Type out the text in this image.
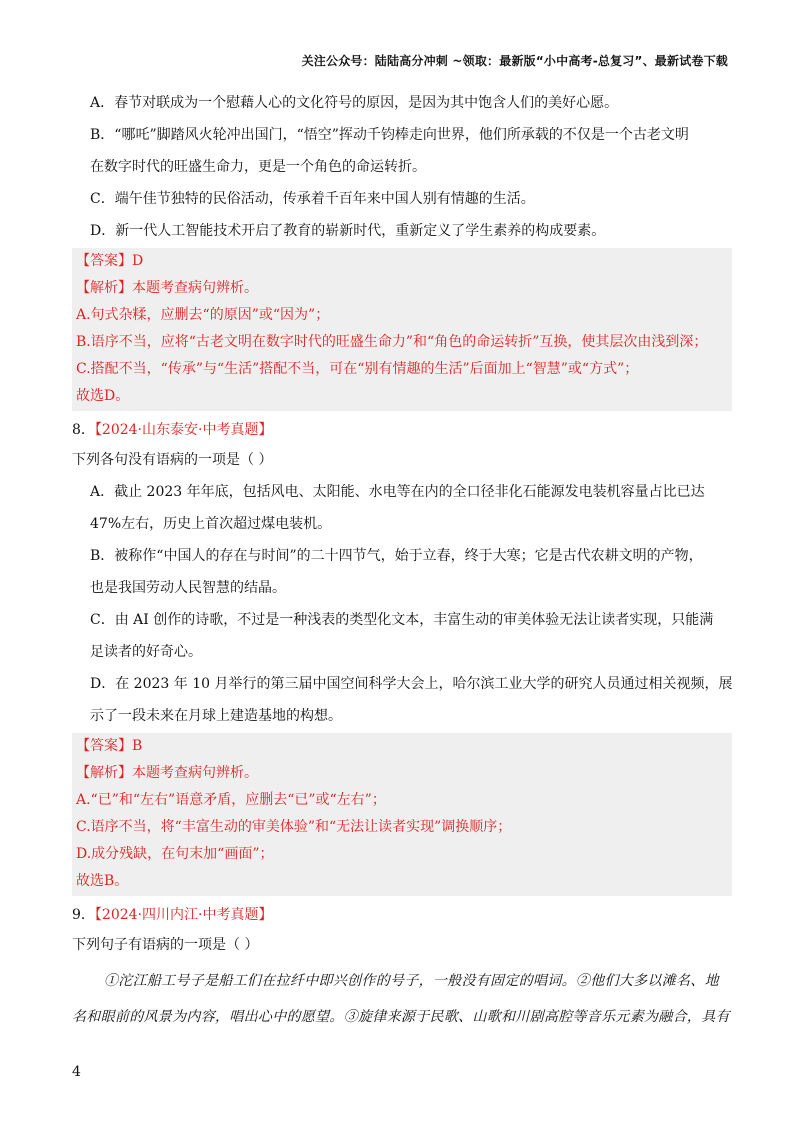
关注公众号：陆陆高分冲刺 ~领取：最新版“小中高考-总复习”、最新试卷下载
A．春节对联成为一个慰藉人心的文化符号的原因，是因为其中饱含人们的美好心愿。
B．“哪吒”脚踏风火轮冲出国门，“悟空”挥动千钧棒走向世界，他们所承载的不仅是一个古老文明
在数字时代的旺盛生命力，更是一个角色的命运转折。
C．端午佳节独特的民俗活动，传承着千百年来中国人别有情趣的生活。
D．新一代人工智能技术开启了教育的崭新时代，重新定义了学生素养的构成要素。
【答案】D
【解析】本题考查病句辨析。
A.句式杂糅，应删去“的原因”或“因为”；
B.语序不当，应将“古老文明在数字时代的旺盛生命力”和“角色的命运转折”互换，使其层次由浅到深；
C.搭配不当，“传承”与“生活”搭配不当，可在“别有情趣的生活”后面加上“智慧”或“方式”；
故选D。
8．【2024·山东泰安·中考真题】
下列各句没有语病的一项是（ ）
A．截止 2023 年年底，包括风电、太阳能、水电等在内的全口径非化石能源发电装机容量占比已达
47%左右，历史上首次超过煤电装机。
B．被称作“中国人的存在与时间”的二十四节气，始于立春，终于大寒；它是古代农耕文明的产物，
也是我国劳动人民智慧的结晶。
C．由 AI 创作的诗歌，不过是一种浅表的类型化文本，丰富生动的审美体验无法让读者实现，只能满
足读者的好奇心。
D．在 2023 年 10 月举行的第三届中国空间科学大会上，哈尔滨工业大学的研究人员通过相关视频，展
示了一段未来在月球上建造基地的构想。
【答案】B
【解析】本题考查病句辨析。
A.“已”和“左右”语意矛盾，应删去“已”或“左右”；
C.语序不当，将“丰富生动的审美体验”和“无法让读者实现”调换顺序；
D.成分残缺，在句末加“画面”；
故选B。
9．【2024·四川内江·中考真题】
下列句子有语病的一项是（ ）
①沱江船工号子是船工们在拉纤中即兴创作的号子，一般没有固定的唱词。②他们大多以滩名、地
名和眼前的风景为内容，唱出心中的愿望。③旋律来源于民歌、山歌和川剧高腔等音乐元素为融合，具有
4
